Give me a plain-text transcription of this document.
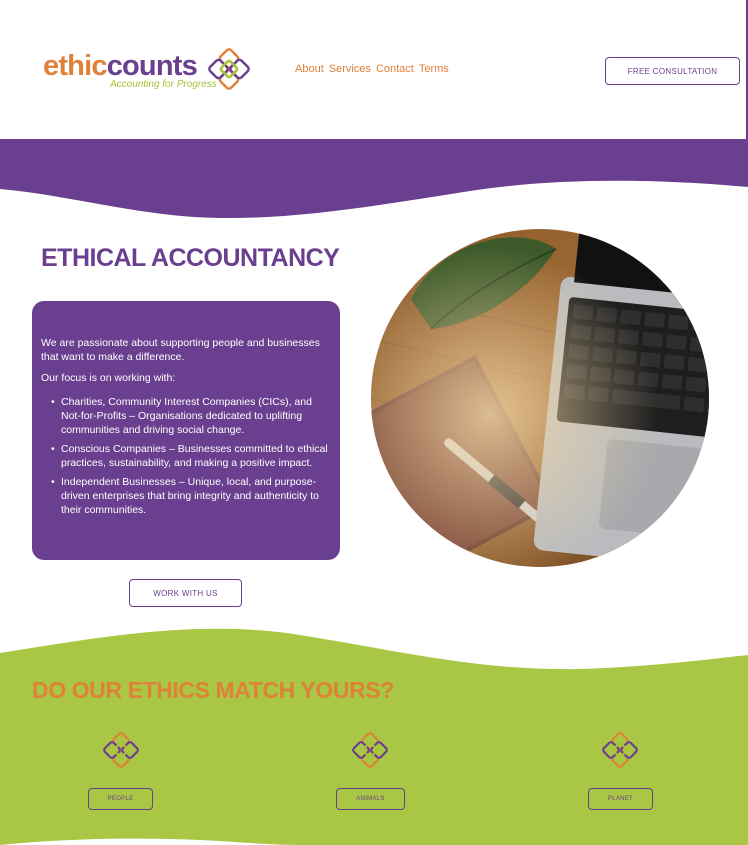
ethiccounts
Accounting for Progress
About Services Contact Terms	FREE CONSULTATION
ETHICAL ACCOUNTANCY

We are passionate about supporting people and businesses that want to make a difference.

Our focus is on working with:

• Charities, Community Interest Companies (CICs), and Not-for-Profits – Organisations dedicated to uplifting communities and driving social change.
• Conscious Companies – Businesses committed to ethical practices, sustainability, and making a positive impact.
• Independent Businesses – Unique, local, and purpose-driven enterprises that bring integrity and authenticity to their communities.
WORK WITH US
DO OUR ETHICS MATCH YOURS?
PEOPLE	ANIMALS	PLANET
